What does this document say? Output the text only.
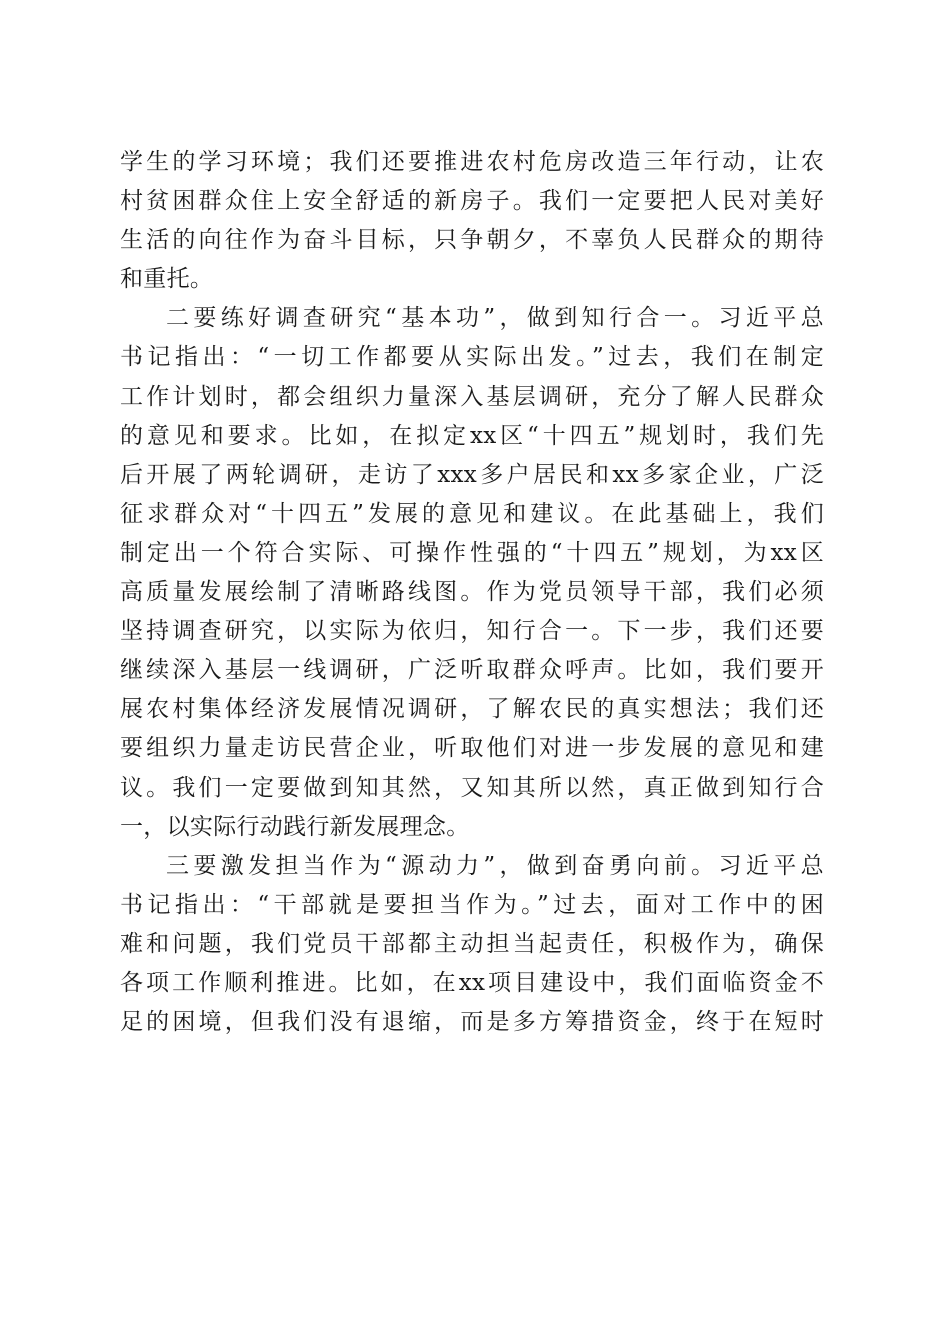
学生的学习环境；我们还要推进农村危房改造三年行动，让农
村贫困群众住上安全舒适的新房子。我们一定要把人民对美好
生活的向往作为奋斗目标，只争朝夕，不辜负人民群众的期待
和重托。
二要练好调查研究“基本功”，做到知行合一。习近平总
书记指出：“一切工作都要从实际出发。”过去，我们在制定
工作计划时，都会组织力量深入基层调研，充分了解人民群众
的意见和要求。比如，在拟定xx区“十四五”规划时，我们先
后开展了两轮调研，走访了xxx多户居民和xx多家企业，广泛
征求群众对“十四五”发展的意见和建议。在此基础上，我们
制定出一个符合实际、可操作性强的“十四五”规划，为xx区
高质量发展绘制了清晰路线图。作为党员领导干部，我们必须
坚持调查研究，以实际为依归，知行合一。下一步，我们还要
继续深入基层一线调研，广泛听取群众呼声。比如，我们要开
展农村集体经济发展情况调研，了解农民的真实想法；我们还
要组织力量走访民营企业，听取他们对进一步发展的意见和建
议。我们一定要做到知其然，又知其所以然，真正做到知行合
一，以实际行动践行新发展理念。
三要激发担当作为“源动力”，做到奋勇向前。习近平总
书记指出：“干部就是要担当作为。”过去，面对工作中的困
难和问题，我们党员干部都主动担当起责任，积极作为，确保
各项工作顺利推进。比如，在xx项目建设中，我们面临资金不
足的困境，但我们没有退缩，而是多方筹措资金，终于在短时
